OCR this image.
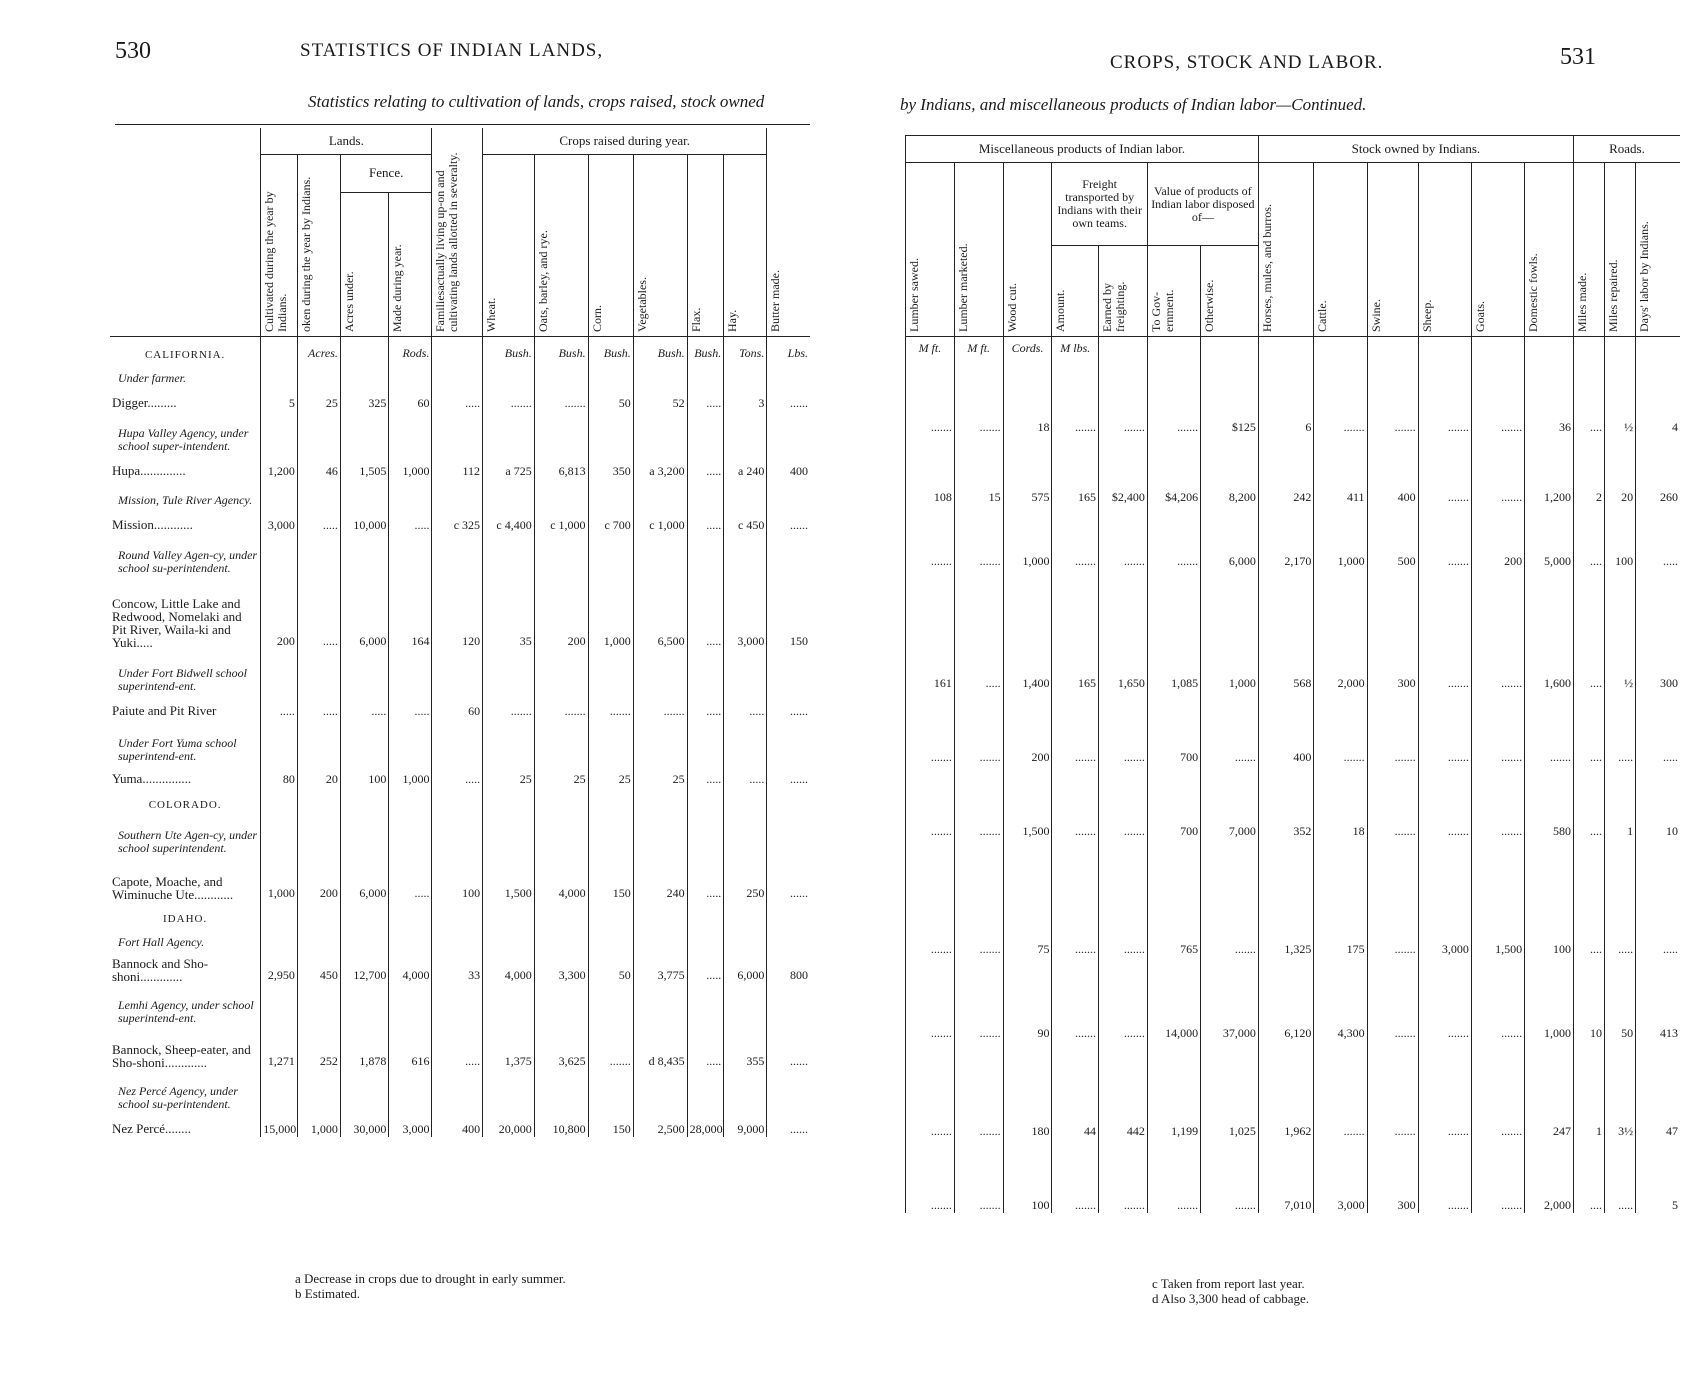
530	STATISTICS OF INDIAN LANDS,
Statistics relating to cultivation of lands, crops raised, stock owned
	Lands.				Familiesactually living up-on and cultivating lands allotted in severalty.	Crops raised during year.						Butter made.

	Cultivated during the year by Indians.	oken during the year by Indians.	Fence.			Wheat.	Oats, barley, and rye.	Corn.	Vegetables.	Flax.	Hay.	

			Acres under.	Made during year.								

CALIFORNIA.		Acres.		Rods.		Bush.	Bush.	Bush.	Bush.	Bush.	Tons.	Lbs.
Under farmer.												
Digger.........	5	25	325	60	.....	.......	.......	50	52	.....	3	......
Hupa Valley Agency, under school super-intendent.												
Hupa..............	1,200	46	1,505	1,000	112	a 725	6,813	350	a 3,200	.....	a 240	400
Mission, Tule River Agency.												
Mission............	3,000	.....	10,000	.....	c 325	c 4,400	c 1,000	c 700	c 1,000	.....	c 450	......
Round Valley Agen-cy, under school su-perintendent.												
Concow, Little Lake and Redwood, Nomelaki and Pit River, Waila-ki and Yuki.....	200	.....	6,000	164	120	35	200	1,000	6,500	.....	3,000	150
Under Fort Bidwell school superintend-ent.												
Paiute and Pit River	.....	.....	.....	.....	60	.......	.......	.......	.......	.....	.....	......
Under Fort Yuma school superintend-ent.												
Yuma...............	80	20	100	1,000	.....	25	25	25	25	.....	.....	......
COLORADO.												
Southern Ute Agen-cy, under school superintendent.												
Capote, Moache, and Wiminuche Ute............	1,000	200	6,000	.....	100	1,500	4,000	150	240	.....	250	......
IDAHO.												
Fort Hall Agency.												
Bannock and Sho-shoni.............	2,950	450	12,700	4,000	33	4,000	3,300	50	3,775	.....	6,000	800
Lemhi Agency, under school superintend-ent.												
Bannock, Sheep-eater, and Sho-shoni.............	1,271	252	1,878	616	.....	1,375	3,625	.......	d 8,435	.....	355	......
Nez Percé Agency, under school su-perintendent.												
Nez Percé........	15,000	1,000	30,000	3,000	400	20,000	10,800	150	2,500	28,000	9,000	......
a Decrease in crops due to drought in early summer.
b Estimated.
CROPS, STOCK AND LABOR.	531
by Indians, and miscellaneous products of Indian labor—Continued.
Miscellaneous products of Indian labor.							Stock owned by Indians.						Roads.		

Lumber sawed.	Lumber marketed.	Wood cut.	Freight transported by Indians with their own teams.		Value of products of Indian labor disposed of—		Horses, mules, and burros.	Cattle.	Swine.	Sheep.	Goats.	Domestic fowls.	Miles made.	Miles repaired.	Days' labor by Indians.

			Amount.	Earned by freighting.	To Gov-ernment.	Otherwise.									

M ft.	M ft.	Cords.	M lbs.												
.......	.......	18	.......	.......	.......	$125	6	.......	.......	.......	.......	36	....	½	4
108	15	575	165	$2,400	$4,206	8,200	242	411	400	.......	.......	1,200	2	20	260
.......	.......	1,000	.......	.......	.......	6,000	2,170	1,000	500	.......	200	5,000	....	100	.....
161	.....	1,400	165	1,650	1,085	1,000	568	2,000	300	.......	.......	1,600	....	½	300
.......	.......	200	.......	.......	700	.......	400	.......	.......	.......	.......	.......	....	.....	.....
.......	.......	1,500	.......	.......	700	7,000	352	18	.......	.......	.......	580	....	1	10
.......	.......	75	.......	.......	765	.......	1,325	175	.......	3,000	1,500	100	....	.....	.....
.......	.......	90	.......	.......	14,000	37,000	6,120	4,300	.......	.......	.......	1,000	10	50	413
.......	.......	180	44	442	1,199	1,025	1,962	.......	.......	.......	.......	247	1	3½	47
.......	.......	100	.......	.......	.......	.......	7,010	3,000	300	.......	.......	2,000	....	.....	5
c Taken from report last year.
d Also 3,300 head of cabbage.
